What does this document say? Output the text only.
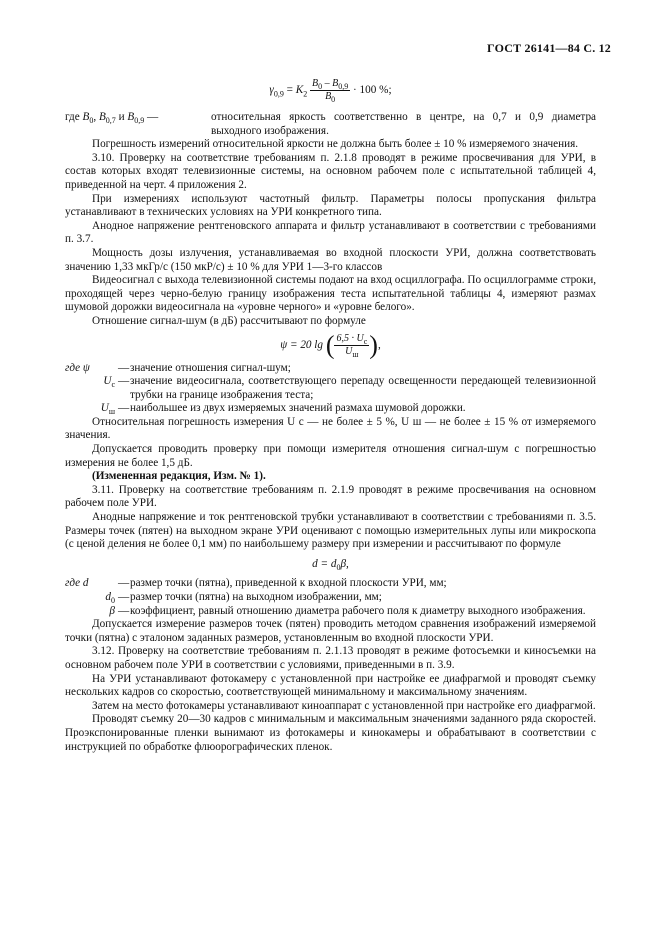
ГОСТ 26141—84 С. 12
$\gamma_{0,9} = K_2 \frac{B_0 - B_{0,9}}{B_0} \cdot 100$ %;
где $B_0$, $B_{0,7}$ и $B_{0,9}$ —	относительная яркость соответственно в центре, на 0,7 и 0,9 диаметра выходного изображения.

Погрешность измерений относительной яркости не должна быть более ± 10 % измеряемого значения.

3.10. Проверку на соответствие требованиям п. 2.1.8 проводят в режиме просвечивания для УРИ, в состав которых входят телевизионные системы, на основном рабочем поле с испытательной таблицей 4, приведенной на черт. 4 приложения 2.

При измерениях используют частотный фильтр. Параметры полосы пропускания фильтра устанавливают в технических условиях на УРИ конкретного типа.

Анодное напряжение рентгеновского аппарата и фильтр устанавливают в соответствии с требованиями п. 3.7.

Мощность дозы излучения, устанавливаемая во входной плоскости УРИ, должна соответствовать значению 1,33 мкГр/с (150 мкР/с) ± 10 % для УРИ 1—3-го классов

Видеосигнал с выхода телевизионной системы подают на вход осциллографа. По осциллограмме строки, проходящей через черно-белую границу изображения теста испытательной таблицы 4, измеряют размах шумовой дорожки видеосигнала на «уровне черного» и «уровне белого».

Отношение сигнал-шум (в дБ) рассчитывают по формуле

ψ = 20 lg ( $\frac{6,5 \cdot U_с}{U_ш}$ ),
где ψ	— значение отношения сигнал-шум;
$U_с$ — значение видеосигнала, соответствующего перепаду освещенности передающей телевизионной трубки на границе изображения теста;
$U_ш$ — наибольшее из двух измеряемых значений размаха шумовой дорожки.

Относительная погрешность измерения U с — не более ± 5 %, U ш — не более ± 15 % от измеряемого значения.

Допускается проводить проверку при помощи измерителя отношения сигнал-шум с погрешностью измерения не более 1,5 дБ.

(Измененная редакция, Изм. № 1).

3.11. Проверку на соответствие требованиям п. 2.1.9 проводят в режиме просвечивания на основном рабочем поле УРИ.

Анодные напряжение и ток рентгеновской трубки устанавливают в соответствии с требованиями п. 3.5. Размеры точек (пятен) на выходном экране УРИ оценивают с помощью измерительных лупы или микроскопа (с ценой деления не более 0,1 мм) по наибольшему размеру при измерении и рассчитывают по формуле

$d = d_0\beta$,
где d	— размер точки (пятна), приведенной к входной плоскости УРИ, мм;
$d_0$ — размер точки (пятна) на выходном изображении, мм;
β — коэффициент, равный отношению диаметра рабочего поля к диаметру выходного изображения.

Допускается измерение размеров точек (пятен) проводить методом сравнения изображений измеряемой точки (пятна) с эталоном заданных размеров, установленным во входной плоскости УРИ.

3.12. Проверку на соответствие требованиям п. 2.1.13 проводят в режиме фотосъемки и киносъемки на основном рабочем поле УРИ в соответствии с условиями, приведенными в п. 3.9.

На УРИ устанавливают фотокамеру с установленной при настройке ее диафрагмой и проводят съемку нескольких кадров со скоростью, соответствующей минимальному и максимальному значениям.

Затем на место фотокамеры устанавливают киноаппарат с установленной при настройке его диафрагмой.

Проводят съемку 20—30 кадров с минимальным и максимальным значениями заданного ряда скоростей. Проэкспонированные пленки вынимают из фотокамеры и кинокамеры и обрабатывают в соответствии с инструкцией по обработке флюорографических пленок.
